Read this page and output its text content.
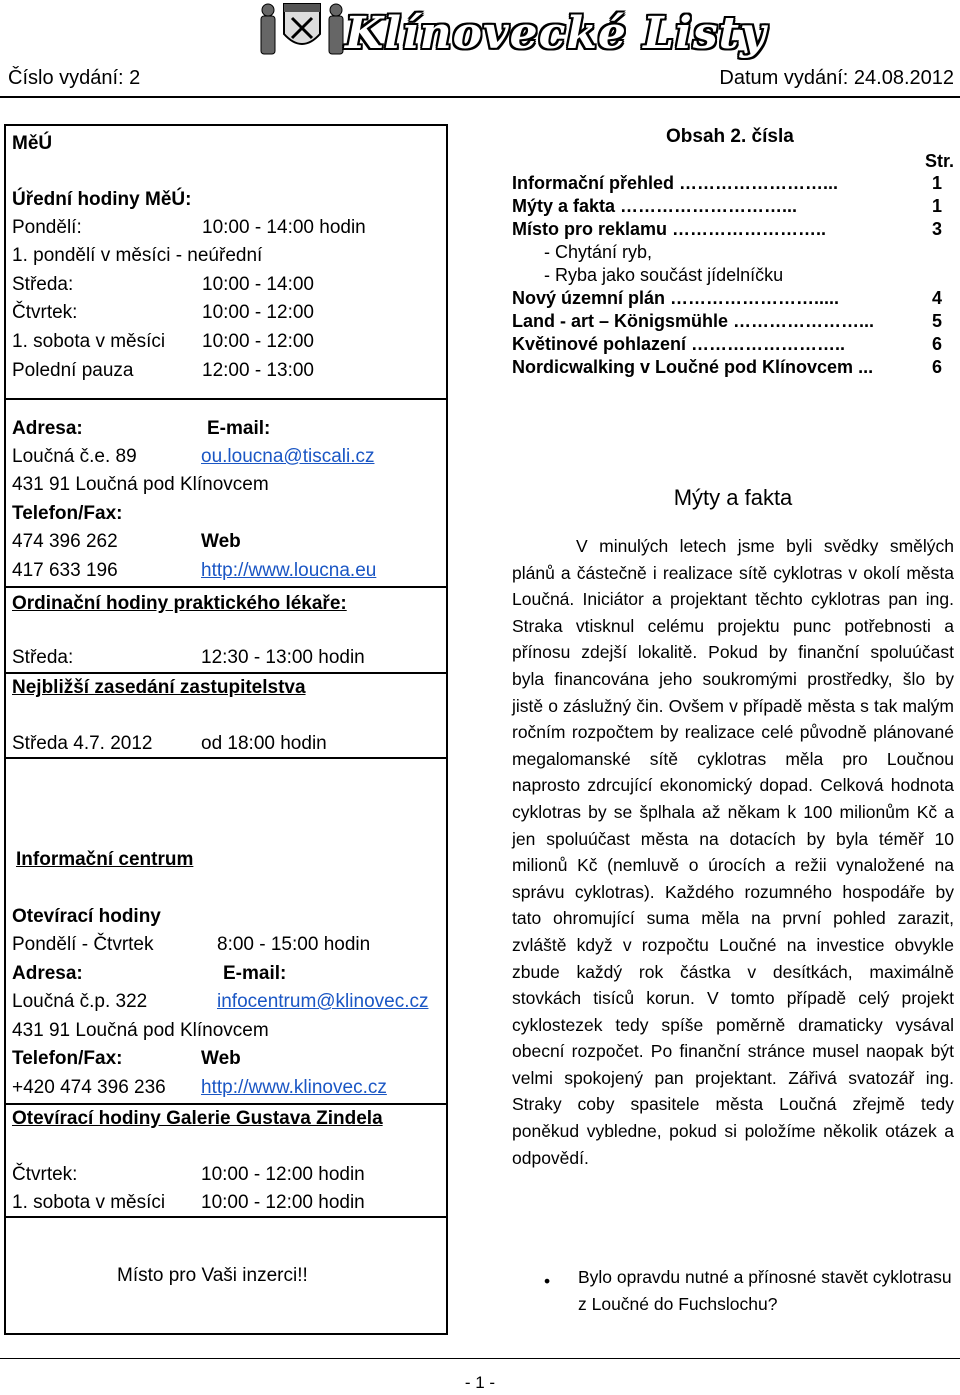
Klínovecké Listy
Číslo vydání: 2	Datum vydání: 24.08.2012
MěÚ
Úřední hodiny MěÚ:
Pondělí:	10:00 - 14:00 hodin
1. pondělí v měsíci - neúřední
Středa:	10:00 - 14:00
Čtvrtek:	10:00 - 12:00
1. sobota v měsíci 10:00 - 12:00
Polední pauza	12:00 - 13:00
Adresa:	E-mail:
Loučná č.e. 89	ou.loucna@tiscali.cz
431 91 Loučná pod Klínovcem
Telefon/Fax:
474 396 262	Web
417 633 196	http://www.loucna.eu
Ordinační hodiny praktického lékaře:
Středa:	12:30 - 13:00 hodin
Nejbližší zasedání zastupitelstva
Středa 4.7. 2012	od 18:00 hodin
Informační centrum
Otevírací hodiny
Pondělí - Čtvrtek	8:00 - 15:00 hodin
Adresa:	E-mail:
Loučná č.p. 322	infocentrum@klinovec.cz
431 91 Loučná pod Klínovcem
Telefon/Fax:	Web
+420 474 396 236 http://www.klinovec.cz
Otevírací hodiny Galerie Gustava Zindela
Čtvrtek:	10:00 - 12:00 hodin
1. sobota v měsíci 10:00 - 12:00 hodin
Místo pro Vaši inzerci!!
Obsah 2. čísla
Str.
Informační přehled ……………………...	1
Mýty a fakta ………………………...	1
Místo pro reklamu ……………………..	3
- Chytání ryb,
- Ryba jako součást jídelníčku
Nový územní plán …………………….....	4
Land - art – Königsmühle …………………...	5
Květinové pohlazení ……………………..	6
Nordicwalking v Loučné pod Klínovcem ...	6
Mýty a fakta
V minulých letech jsme byli svědky smělých plánů a částečně i realizace sítě cyklotras v okolí města Loučná. Iniciátor a projektant těchto cyklotras pan ing. Straka vtisknul celému projektu punc potřebnosti a přínosu zdejší lokalitě. Pokud by finanční spoluúčast byla financována jeho soukromými prostředky, šlo by jistě o záslužný čin. Ovšem v případě města s tak malým ročním rozpočtem by realizace celé původně plánované megalomanské sítě cyklotras měla pro Loučnou naprosto zdrcující ekonomický dopad. Celková hodnota cyklotras by se šplhala až někam k 100 milionům Kč a jen spoluúčast města na dotacích by byla téměř 10 milionů Kč (nemluvě o úrocích a režii vynaložené na správu cyklotras). Každého rozumného hospodáře by tato ohromující suma měla na první pohled zarazit, zvláště když v rozpočtu Loučné na investice obvykle zbude každý rok částka v desítkách, maximálně stovkách tisíců korun. V tomto případě celý projekt cyklostezek tedy spíše poměrně dramaticky vysával obecní rozpočet. Po finanční stránce musel naopak být velmi spokojený pan projektant. Zářivá svatozář ing. Straky coby spasitele města Loučná zřejmě tedy poněkud vybledne, pokud si položíme několik otázek a odpovědí.
• Bylo opravdu nutné a přínosné stavět cyklotrasu z Loučné do Fuchslochu?
- 1 -
